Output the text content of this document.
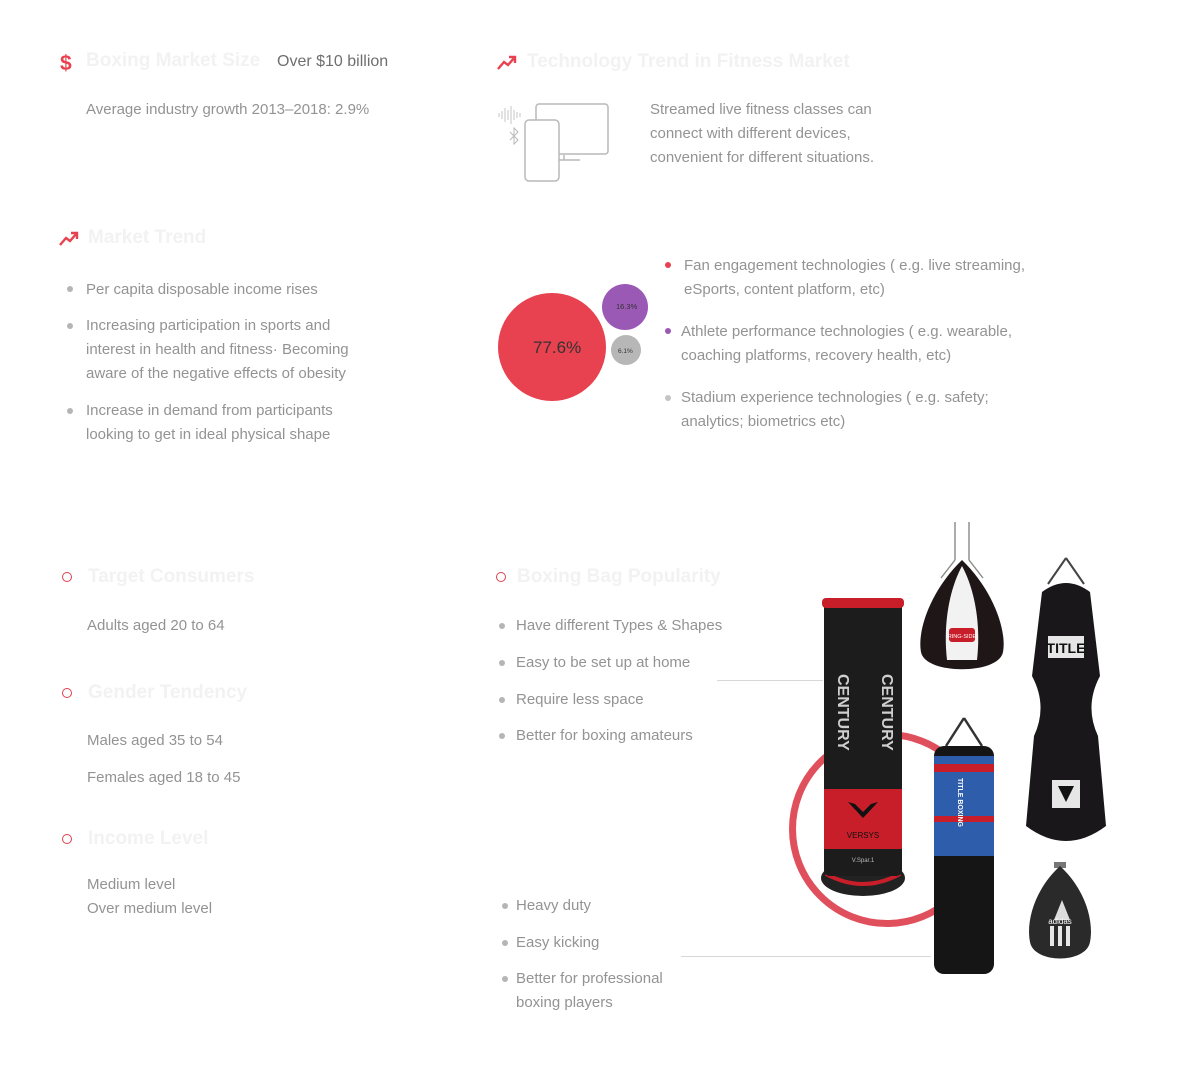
$ Boxing Market Size Over $10 billion
Average industry growth 2013–2018: 2.9%
Technology Trend in Fitness Market
Streamed live fitness classes can
connect with different devices,
convenient for different situations.
Market Trend
Per capita disposable income rises
Increasing participation in sports and
interest in health and fitness· Becoming
aware of the negative effects of obesity
Increase in demand from participants
looking to get in ideal physical shape
77.6%
16.3%
6.1%
Fan engagement technologies ( e.g. live streaming,
eSports, content platform, etc)
Athlete performance technologies ( e.g. wearable,
coaching platforms, recovery health, etc)
Stadium experience technologies ( e.g. safety;
analytics; biometrics etc)
Target Consumers
Adults aged 20 to 64
Gender Tendency
Males aged 35 to 54
Females aged 18 to 45
Income Level
Medium level
Over medium level
Boxing Bag Popularity
Have different Types & Shapes
Easy to be set up at home
Require less space
Better for boxing amateurs
Heavy duty
Easy kicking
Better for professional
boxing players
VERSYS
V.Spar.1
CENTURY CENTURY
RING-SIDE
TITLE
TITLE BOXING
adidas
